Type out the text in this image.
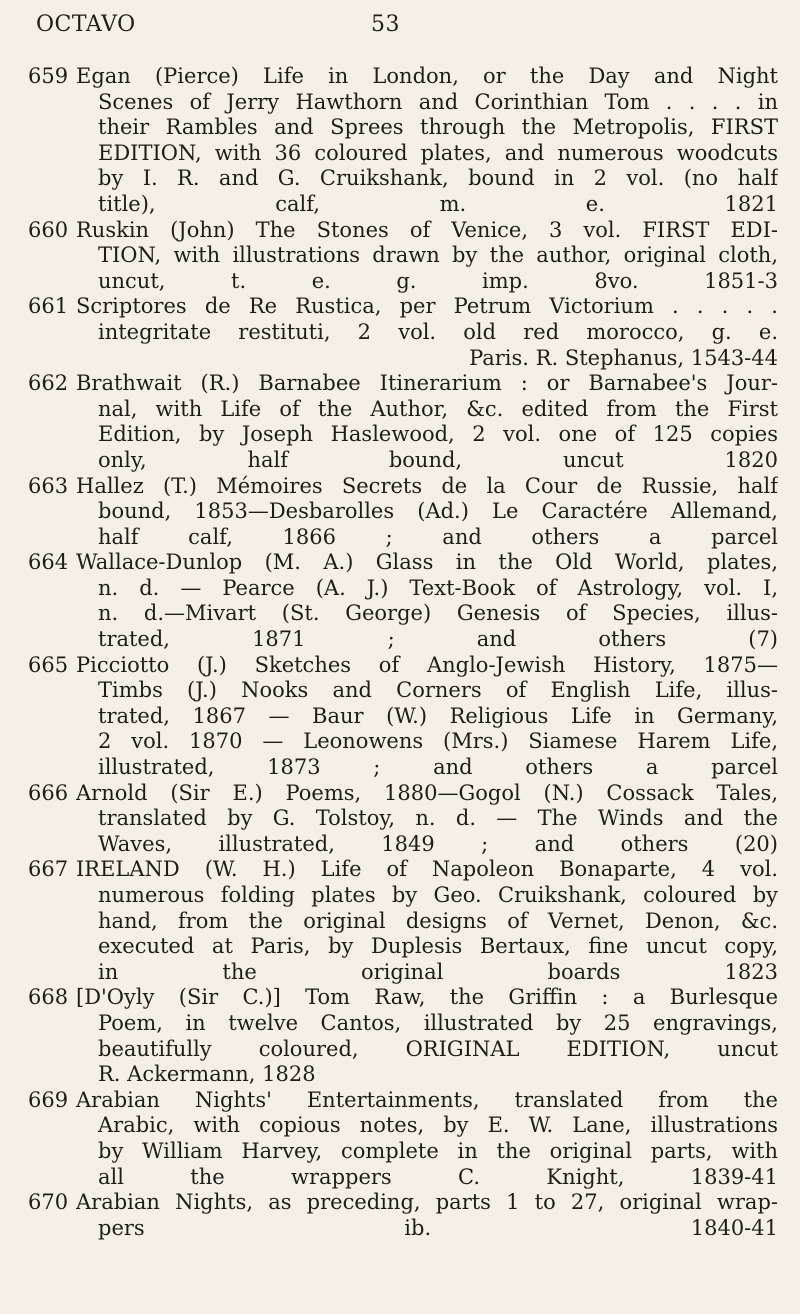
OCTAVO	53
659 Egan (Pierce) Life in London, or the Day and Night
Scenes of Jerry Hawthorn and Corinthian Tom . . . . in
their Rambles and Sprees through the Metropolis, FIRST
EDITION, with 36 coloured plates, and numerous woodcuts
by I. R. and G. Cruikshank, bound in 2 vol. (no half
title), calf, m. e. 1821
660 Ruskin (John) The Stones of Venice, 3 vol. FIRST EDI-
TION, with illustrations drawn by the author, original cloth,
uncut, t. e. g. imp. 8vo. 1851-3
661 Scriptores de Re Rustica, per Petrum Victorium . . . . .
integritate restituti, 2 vol. old red morocco, g. e.
Paris. R. Stephanus, 1543-44
662 Brathwait (R.) Barnabee Itinerarium : or Barnabee's Jour-
nal, with Life of the Author, &c. edited from the First
Edition, by Joseph Haslewood, 2 vol. one of 125 copies
only, half bound, uncut 1820
663 Hallez (T.) Mémoires Secrets de la Cour de Russie, half
bound, 1853—Desbarolles (Ad.) Le Caractére Allemand,
half calf, 1866 ; and others a parcel
664 Wallace-Dunlop (M. A.) Glass in the Old World, plates,
n. d. — Pearce (A. J.) Text-Book of Astrology, vol. I,
n. d.—Mivart (St. George) Genesis of Species, illus-
trated, 1871 ; and others (7)
665 Picciotto (J.) Sketches of Anglo-Jewish History, 1875—
Timbs (J.) Nooks and Corners of English Life, illus-
trated, 1867 — Baur (W.) Religious Life in Germany,
2 vol. 1870 — Leonowens (Mrs.) Siamese Harem Life,
illustrated, 1873 ; and others a parcel
666 Arnold (Sir E.) Poems, 1880—Gogol (N.) Cossack Tales,
translated by G. Tolstoy, n. d. — The Winds and the
Waves, illustrated, 1849 ; and others (20)
667 IRELAND (W. H.) Life of Napoleon Bonaparte, 4 vol.
numerous folding plates by Geo. Cruikshank, coloured by
hand, from the original designs of Vernet, Denon, &c.
executed at Paris, by Duplesis Bertaux, fine uncut copy,
in the original boards 1823
668 [D'Oyly (Sir C.)] Tom Raw, the Griffin : a Burlesque
Poem, in twelve Cantos, illustrated by 25 engravings,
beautifully coloured, ORIGINAL EDITION, uncut
R. Ackermann, 1828
669 Arabian Nights' Entertainments, translated from the
Arabic, with copious notes, by E. W. Lane, illustrations
by William Harvey, complete in the original parts, with
all the wrappers C. Knight, 1839-41
670 Arabian Nights, as preceding, parts 1 to 27, original wrap-
pers ib. 1840-41
